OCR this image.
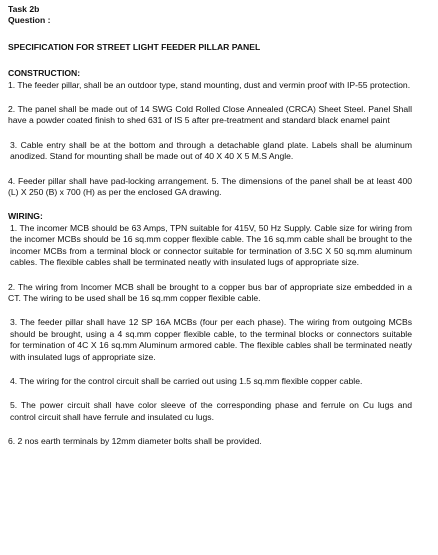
Task 2b
Question :
SPECIFICATION FOR STREET LIGHT FEEDER PILLAR PANEL
CONSTRUCTION:

1. The feeder pillar, shall be an outdoor type, stand mounting, dust and vermin proof with IP-55 protection.

2. The panel shall be made out of 14 SWG Cold Rolled Close Annealed (CRCA) Sheet Steel. Panel Shall have a powder coated finish to shed 631 of IS 5 after pre-treatment and standard black enamel paint

3. Cable entry shall be at the bottom and through a detachable gland plate. Labels shall be aluminum anodized. Stand for mounting shall be made out of 40 X 40 X 5 M.S Angle.

4. Feeder pillar shall have pad-locking arrangement. 5. The dimensions of the panel shall be at least 400 (L) X 250 (B) x 700 (H) as per the enclosed GA drawing.

WIRING:

1. The incomer MCB should be 63 Amps, TPN suitable for 415V, 50 Hz Supply. Cable size for wiring from the incomer MCBs should be 16 sq.mm copper flexible cable. The 16 sq.mm cable shall be brought to the incomer MCBs from a terminal block or connector suitable for termination of 3.5C X 50 sq.mm aluminum cables. The flexible cables shall be terminated neatly with insulated lugs of appropriate size.

2. The wiring from Incomer MCB shall be brought to a copper bus bar of appropriate size embedded in a CT. The wiring to be used shall be 16 sq.mm copper flexible cable.

3. The feeder pillar shall have 12 SP 16A MCBs (four per each phase). The wiring from outgoing MCBs should be brought, using a 4 sq.mm copper flexible cable, to the terminal blocks or connectors suitable for termination of 4C X 16 sq.mm Aluminum armored cable. The flexible cables shall be terminated neatly with insulated lugs of appropriate size.

4. The wiring for the control circuit shall be carried out using 1.5 sq.mm flexible copper cable.

5. The power circuit shall have color sleeve of the corresponding phase and ferrule on Cu lugs and control circuit shall have ferrule and insulated cu lugs.

6. 2 nos earth terminals by 12mm diameter bolts shall be provided.
